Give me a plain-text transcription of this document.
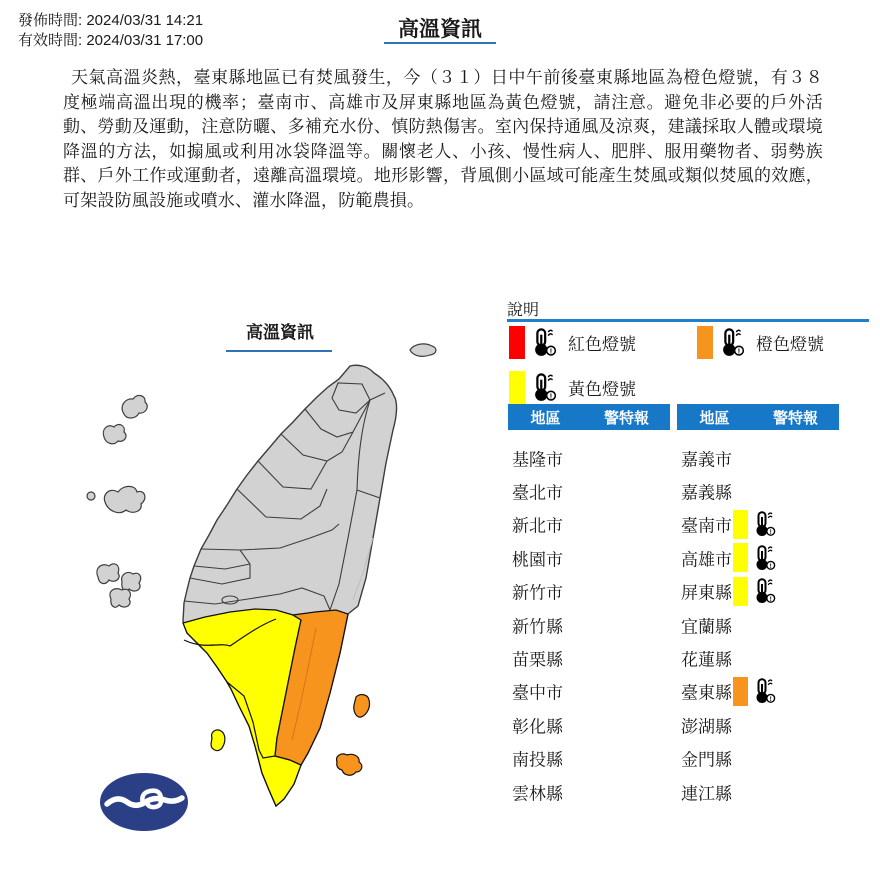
發佈時間: 2024/03/31 14:21
有效時間: 2024/03/31 17:00	高溫資訊
天氣高溫炎熱，臺東縣地區已有焚風發生，今（３１）日中午前後臺東縣地區為橙色燈號，有３８度極端高溫出現的機率；臺南市、高雄市及屏東縣地區為黃色燈號，請注意。避免非必要的戶外活動、勞動及運動，注意防曬、多補充水份、慎防熱傷害。室內保持通風及涼爽，建議採取人體或環境降溫的方法，如搧風或利用冰袋降溫等。關懷老人、小孩、慢性病人、肥胖、服用藥物者、弱勢族群、戶外工作或運動者，遠離高溫環境。地形影響，背風側小區域可能產生焚風或類似焚風的效應，可架設防風設施或噴水、灌水降溫，防範農損。
高溫資訊
說明
! 紅色燈號	! 橙色燈號
! 黃色燈號
地區	警特報
基隆市
臺北市
新北市
桃園市
新竹市
新竹縣
苗栗縣
臺中市
彰化縣
南投縣
雲林縣
地區	警特報
嘉義市
嘉義縣
臺南市	!
高雄市	!
屏東縣	!
宜蘭縣
花蓮縣
臺東縣	!
澎湖縣
金門縣
連江縣
